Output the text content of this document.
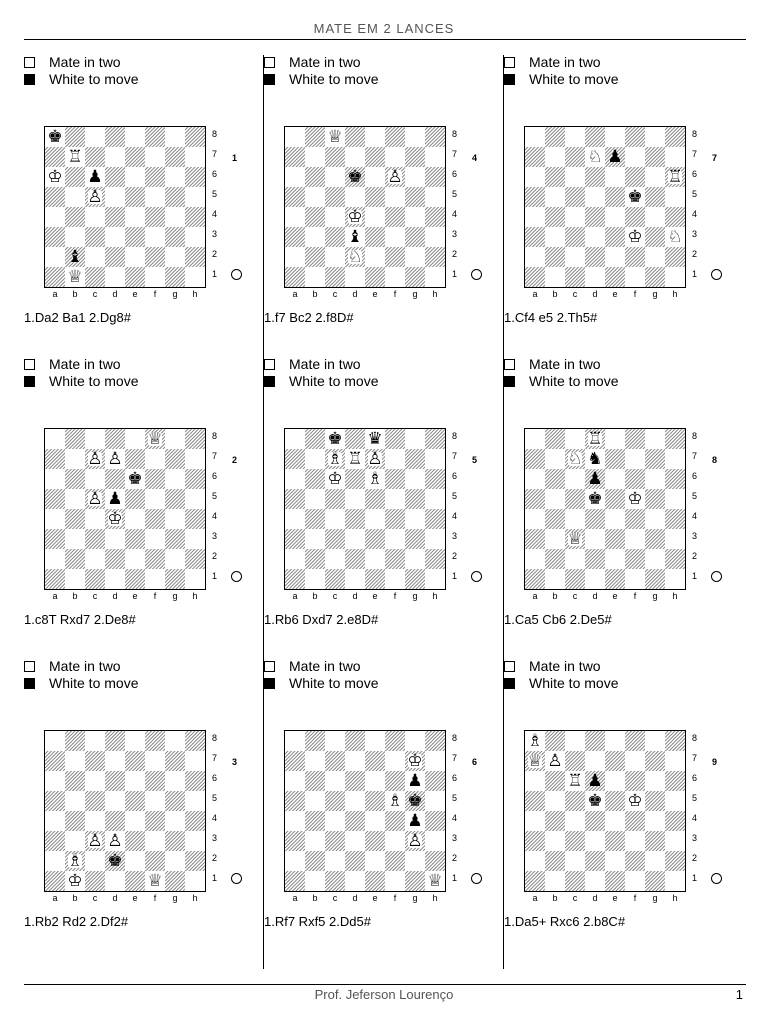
MATE EM 2 LANCES
Mate in two
White to move
♚
♖
♔ ♟
♙
♝
♕
8
7
6
5
4
3
2
1
a	b	c	d	e	f	g	h
1
1.Da2 Ba1 2.Dg8#
Mate in two
White to move
♕
♚ ♙
♔
♝
♘
8
7
6
5
4
3
2
1
a	b	c	d	e	f	g	h
4
1.f7 Bc2 2.f8D#
Mate in two
White to move
♘ ♟
♖
♚
♔ ♘
8
7
6
5
4
3
2
1
a	b	c	d	e	f	g	h
7
1.Cf4 e5 2.Th5#
Mate in two
White to move
♕
♙ ♙
♚
♙ ♟
♔
8
7
6
5
4
3
2
1
a	b	c	d	e	f	g	h
2
1.c8T Rxd7 2.De8#
Mate in two
White to move
♚ ♛
♗ ♖ ♙
♔ ♗
8
7
6
5
4
3
2
1
a	b	c	d	e	f	g	h
5
1.Rb6 Dxd7 2.e8D#
Mate in two
White to move
♖
♘ ♞
♟
♚ ♔
♕
8
7
6
5
4
3
2
1
a	b	c	d	e	f	g	h
8
1.Ca5 Cb6 2.De5#
Mate in two
White to move
♙ ♙
♗ ♚
♔	♕
8
7
6
5
4
3
2
1
a	b	c	d	e	f	g	h
3
1.Rb2 Rd2 2.Df2#
Mate in two
White to move
♔
♟
♗ ♚
♟
♙
♕
8
7
6
5
4
3
2
1
a	b	c	d	e	f	g	h
6
1.Rf7 Rxf5 2.Dd5#
Mate in two
White to move
♗
♕ ♙
♖ ♟
♚ ♔
8
7
6
5
4
3
2
1
a	b	c	d	e	f	g	h
9
1.Da5+ Rxc6 2.b8C#
Prof. Jeferson Lourenço	1
